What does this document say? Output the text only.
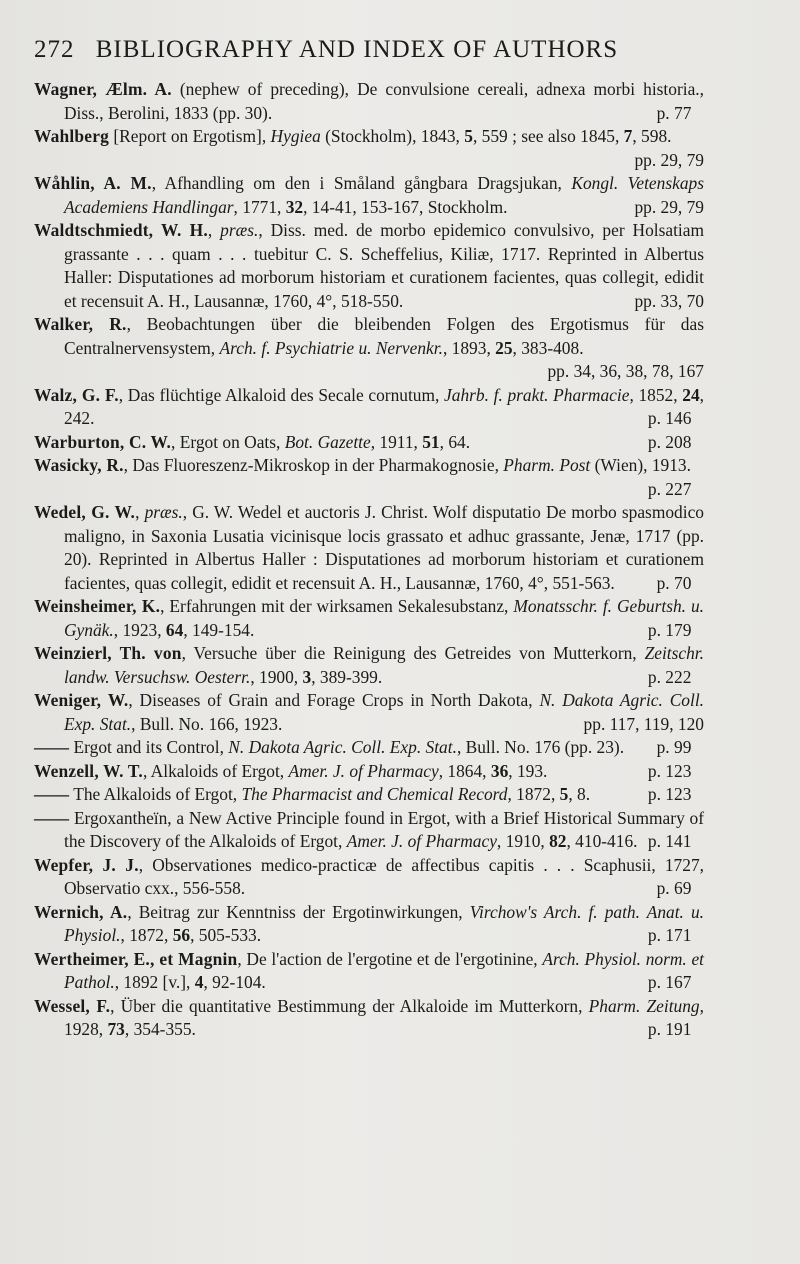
272 BIBLIOGRAPHY AND INDEX OF AUTHORS
Wagner, Ælm. A. (nephew of preceding), De convulsione cereali, adnexa morbi historia., Diss., Berolini, 1833 (pp. 30).	p. 77
Wahlberg [Report on Ergotism], Hygiea (Stockholm), 1843, 5, 559 ; see also 1845, 7, 598.
pp. 29, 79
Wåhlin, A. M., Afhandling om den i Småland gångbara Dragsjukan, Kongl. Vetenskaps Academiens Handlingar, 1771, 32, 14-41, 153-167, Stockholm.	pp. 29, 79
Waldtschmiedt, W. H., præs., Diss. med. de morbo epidemico convulsivo, per Holsatiam grassante . . . quam . . . tuebitur C. S. Scheffelius, Kiliæ, 1717. Reprinted in Albertus Haller: Disputationes ad morborum historiam et curationem facientes, quas collegit, edidit et recensuit A. H., Lausannæ, 1760, 4°, 518-550.	pp. 33, 70
Walker, R., Beobachtungen über die bleibenden Folgen des Ergotismus für das Centralnervensystem, Arch. f. Psychiatrie u. Nervenkr., 1893, 25, 383-408.
pp. 34, 36, 38, 78, 167
Walz, G. F., Das flüchtige Alkaloid des Secale cornutum, Jahrb. f. prakt. Pharmacie, 1852, 24, 242.	p. 146
Warburton, C. W., Ergot on Oats, Bot. Gazette, 1911, 51, 64.	p. 208
Wasicky, R., Das Fluoreszenz-Mikroskop in der Pharmakognosie, Pharm. Post (Wien), 1913.
p. 227
Wedel, G. W., præs., G. W. Wedel et auctoris J. Christ. Wolf disputatio De morbo spasmodico maligno, in Saxonia Lusatia vicinisque locis grassato et adhuc grassante, Jenæ, 1717 (pp. 20). Reprinted in Albertus Haller : Disputationes ad morborum historiam et curationem facientes, quas collegit, edidit et recensuit A. H., Lausannæ, 1760, 4°, 551-563. p. 70
Weinsheimer, K., Erfahrungen mit der wirksamen Sekalesubstanz, Monatsschr. f. Geburtsh. u. Gynäk., 1923, 64, 149-154.	p. 179
Weinzierl, Th. von, Versuche über die Reinigung des Getreides von Mutterkorn, Zeitschr. landw. Versuchsw. Oesterr., 1900, 3, 389-399.	p. 222
Weniger, W., Diseases of Grain and Forage Crops in North Dakota, N. Dakota Agric. Coll. Exp. Stat., Bull. No. 166, 1923.	pp. 117, 119, 120
—— Ergot and its Control, N. Dakota Agric. Coll. Exp. Stat., Bull. No. 176 (pp. 23). p. 99
Wenzell, W. T., Alkaloids of Ergot, Amer. J. of Pharmacy, 1864, 36, 193.	p. 123
—— The Alkaloids of Ergot, The Pharmacist and Chemical Record, 1872, 5, 8.	p. 123
—— Ergoxantheïn, a New Active Principle found in Ergot, with a Brief Historical Summary of the Discovery of the Alkaloids of Ergot, Amer. J. of Pharmacy, 1910, 82, 410-416. p. 141
Wepfer, J. J., Observationes medico-practicæ de affectibus capitis . . . Scaphusii, 1727, Observatio cxx., 556-558.	p. 69
Wernich, A., Beitrag zur Kenntniss der Ergotinwirkungen, Virchow's Arch. f. path. Anat. u. Physiol., 1872, 56, 505-533.	p. 171
Wertheimer, E., et Magnin, De l'action de l'ergotine et de l'ergotinine, Arch. Physiol. norm. et Pathol., 1892 [v.], 4, 92-104.	p. 167
Wessel, F., Über die quantitative Bestimmung der Alkaloide im Mutterkorn, Pharm. Zeitung, 1928, 73, 354-355.	p. 191
